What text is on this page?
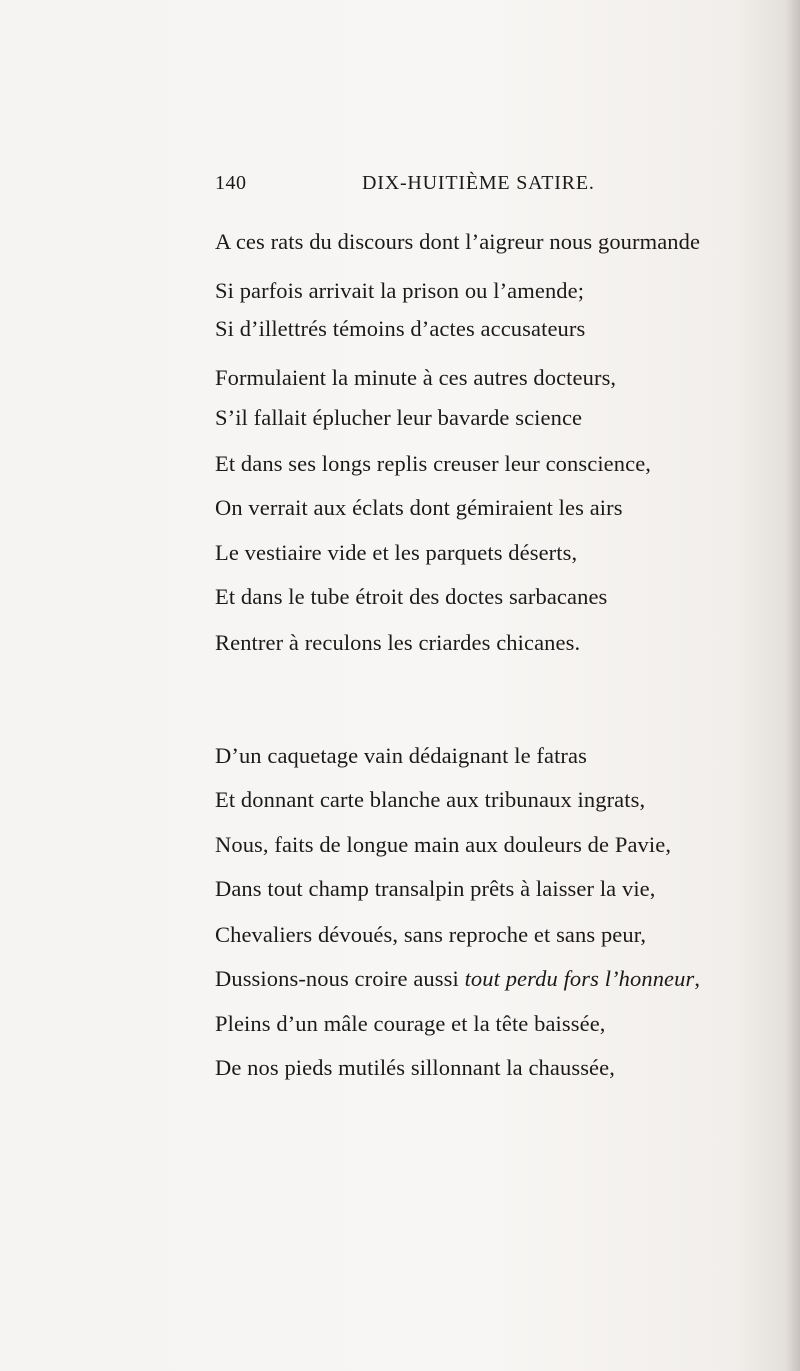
140	DIX-HUITIÈME SATIRE.
A ces rats du discours dont l’aigreur nous gourmande
Si parfois arrivait la prison ou l’amende;
Si d’illettrés témoins d’actes accusateurs
Formulaient la minute à ces autres docteurs,
S’il fallait éplucher leur bavarde science
Et dans ses longs replis creuser leur conscience,
On verrait aux éclats dont gémiraient les airs
Le vestiaire vide et les parquets déserts,
Et dans le tube étroit des doctes sarbacanes
Rentrer à reculons les criardes chicanes.
D’un caquetage vain dédaignant le fatras
Et donnant carte blanche aux tribunaux ingrats,
Nous, faits de longue main aux douleurs de Pavie,
Dans tout champ transalpin prêts à laisser la vie,
Chevaliers dévoués, sans reproche et sans peur,
Dussions-nous croire aussi tout perdu fors l’honneur,
Pleins d’un mâle courage et la tête baissée,
De nos pieds mutilés sillonnant la chaussée,
